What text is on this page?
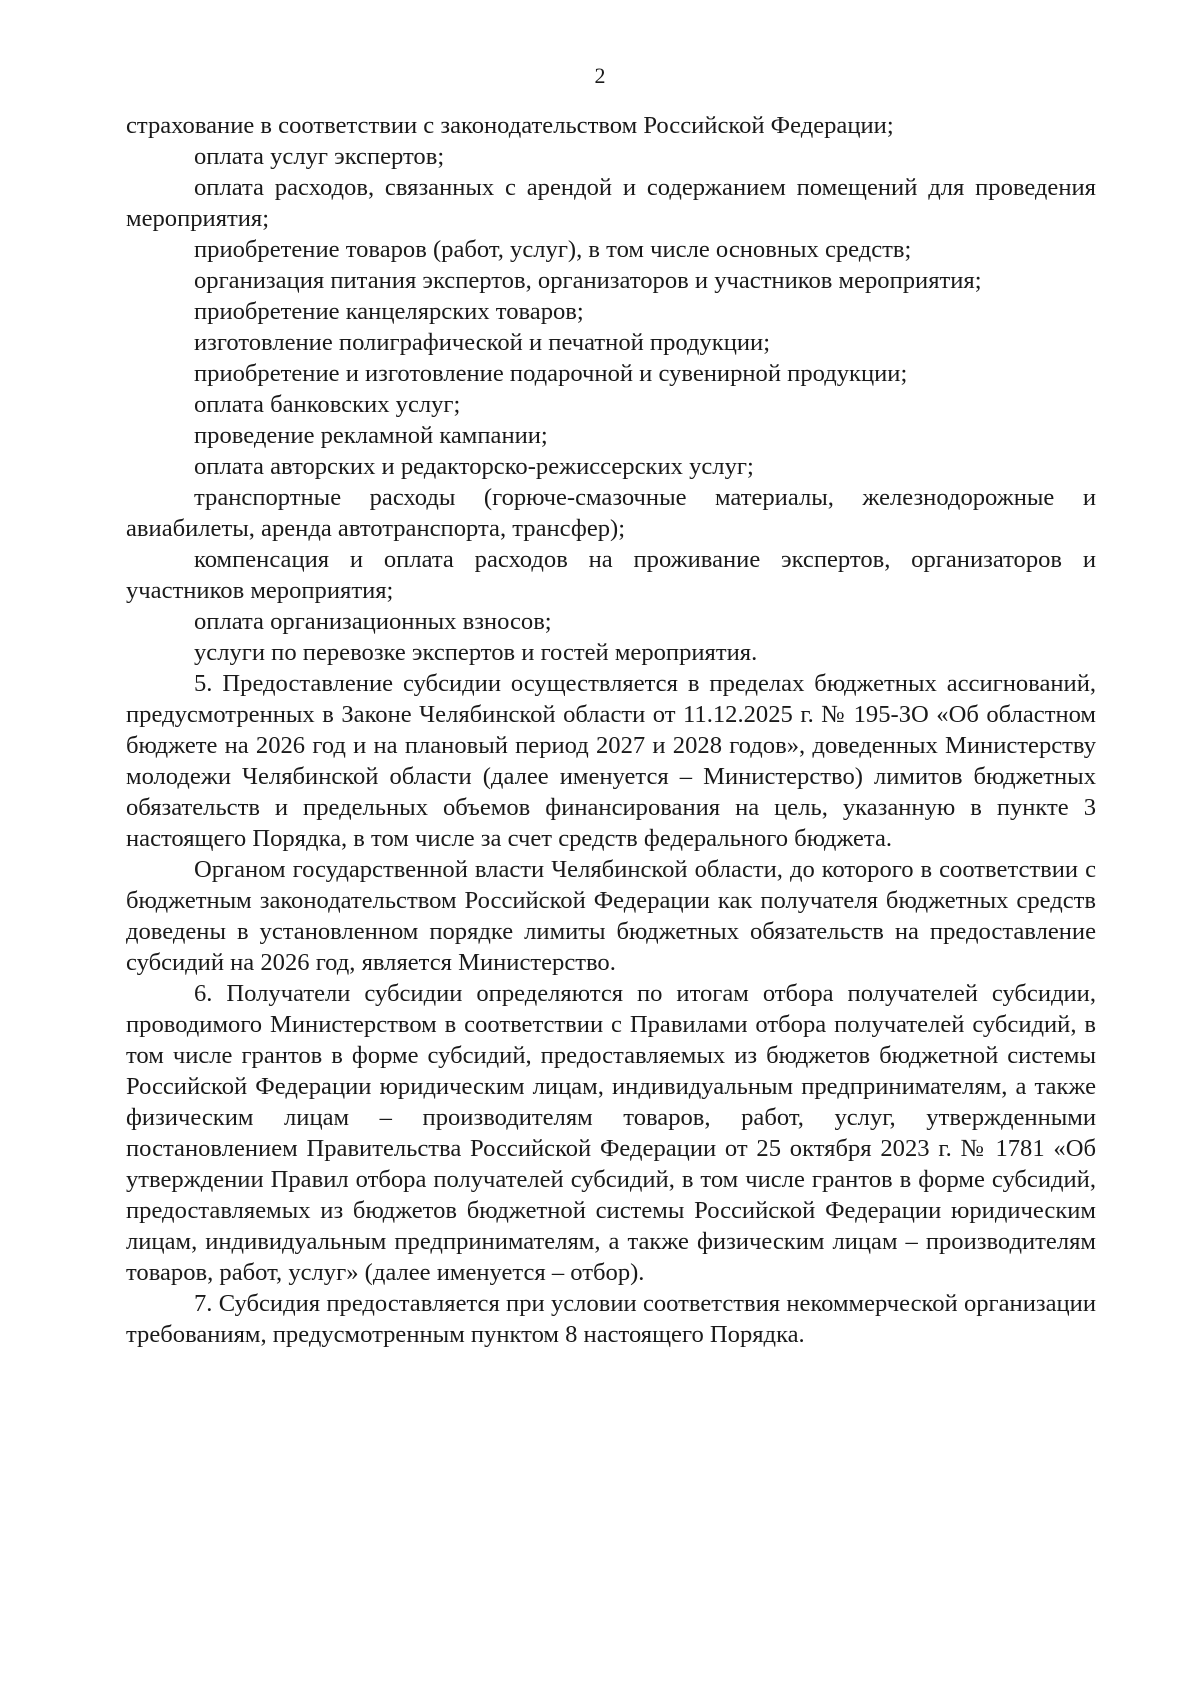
2

страхование в соответствии с законодательством Российской Федерации;

оплата услуг экспертов;

оплата расходов, связанных с арендой и содержанием помещений для проведения мероприятия;

приобретение товаров (работ, услуг), в том числе основных средств;

организация питания экспертов, организаторов и участников мероприятия;

приобретение канцелярских товаров;

изготовление полиграфической и печатной продукции;

приобретение и изготовление подарочной и сувенирной продукции;

оплата банковских услуг;

проведение рекламной кампании;

оплата авторских и редакторско-режиссерских услуг;

транспортные расходы (горюче-смазочные материалы, железнодорожные и авиабилеты, аренда автотранспорта, трансфер);

компенсация и оплата расходов на проживание экспертов, организаторов и участников мероприятия;

оплата организационных взносов;

услуги по перевозке экспертов и гостей мероприятия.

5. Предоставление субсидии осуществляется в пределах бюджетных ассигнований, предусмотренных в Законе Челябинской области от 11.12.2025 г. № 195-ЗО «Об областном бюджете на 2026 год и на плановый период 2027 и 2028 годов», доведенных Министерству молодежи Челябинской области (далее именуется – Министерство) лимитов бюджетных обязательств и предельных объемов финансирования на цель, указанную в пункте 3 настоящего Порядка, в том числе за счет средств федерального бюджета.

Органом государственной власти Челябинской области, до которого в соответствии с бюджетным законодательством Российской Федерации как получателя бюджетных средств доведены в установленном порядке лимиты бюджетных обязательств на предоставление субсидий на 2026 год, является Министерство.

6. Получатели субсидии определяются по итогам отбора получателей субсидии, проводимого Министерством в соответствии с Правилами отбора получателей субсидий, в том числе грантов в форме субсидий, предоставляемых из бюджетов бюджетной системы Российской Федерации юридическим лицам, индивидуальным предпринимателям, а также физическим лицам – производителям товаров, работ, услуг, утвержденными постановлением Правительства Российской Федерации от 25 октября 2023 г. № 1781 «Об утверждении Правил отбора получателей субсидий, в том числе грантов в форме субсидий, предоставляемых из бюджетов бюджетной системы Российской Федерации юридическим лицам, индивидуальным предпринимателям, а также физическим лицам – производителям товаров, работ, услуг» (далее именуется – отбор).

7. Субсидия предоставляется при условии соответствия некоммерческой организации требованиям, предусмотренным пунктом 8 настоящего Порядка.
